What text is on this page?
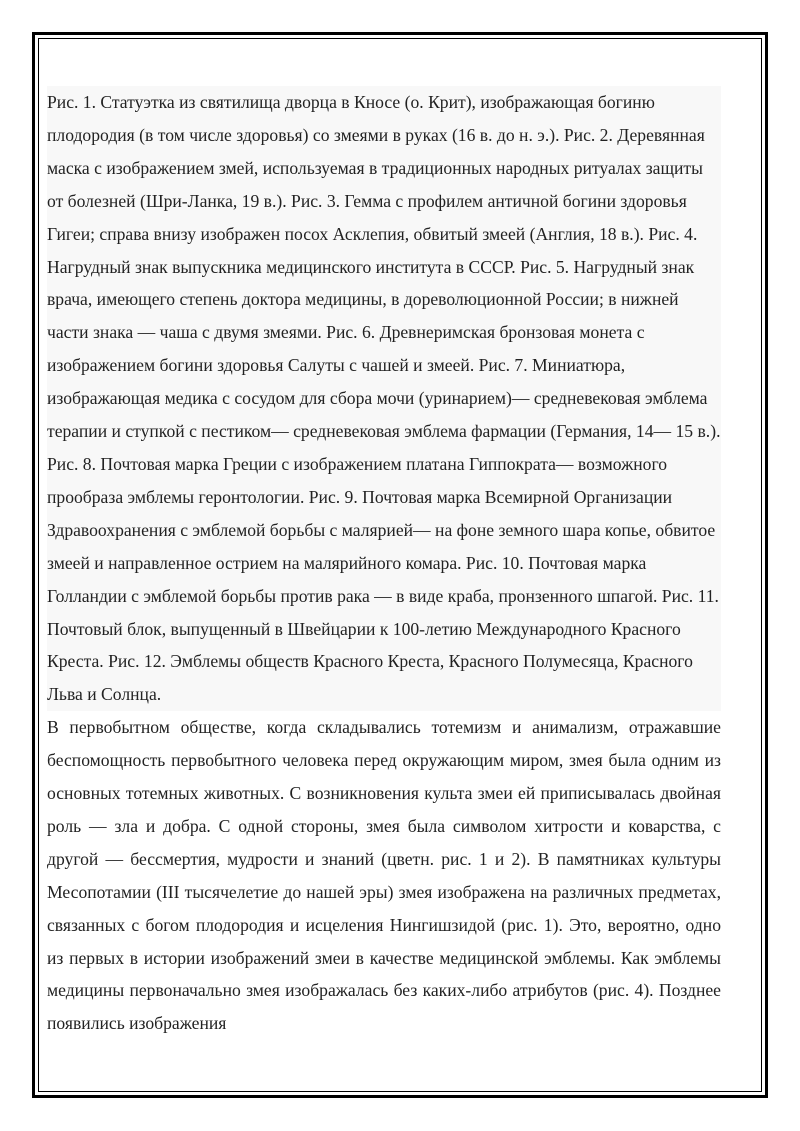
Рис. 1. Статуэтка из святилища дворца в Кносе (о. Крит), изображающая богиню плодородия (в том числе здоровья) со змеями в руках (16 в. до н. э.). Рис. 2. Деревянная маска с изображением змей, используемая в традиционных народных ритуалах защиты от болезней (Шри-Ланка, 19 в.). Рис. 3. Гемма с профилем античной богини здоровья Гигеи; справа внизу изображен посох Асклепия, обвитый змеей (Англия, 18 в.). Рис. 4. Нагрудный знак выпускника медицинского института в СССР. Рис. 5. Нагрудный знак врача, имеющего степень доктора медицины, в дореволюционной России; в нижней части знака — чаша с двумя змеями. Рис. 6. Древнеримская бронзовая монета с изображением богини здоровья Салуты с чашей и змеей. Рис. 7. Миниатюра, изображающая медика с сосудом для сбора мочи (уринарием)— средневековая эмблема терапии и ступкой с пестиком— средневековая эмблема фармации (Германия, 14— 15 в.). Рис. 8. Почтовая марка Греции с изображением платана Гиппократа— возможного прообраза эмблемы геронтологии. Рис. 9. Почтовая марка Всемирной Организации Здравоохранения с эмблемой борьбы с малярией— на фоне земного шара копье, обвитое змеей и направленное острием на малярийного комара. Рис. 10. Почтовая марка Голландии с эмблемой борьбы против рака — в виде краба, пронзенного шпагой. Рис. 11. Почтовый блок, выпущенный в Швейцарии к 100-летию Международного Красного Креста. Рис. 12. Эмблемы обществ Красного Креста, Красного Полумесяца, Красного Льва и Солнца.

В первобытном обществе, когда складывались тотемизм и анимализм, отражавшие беспомощность первобытного человека перед окружающим миром, змея была одним из основных тотемных животных. С возникновения культа змеи ей приписывалась двойная роль — зла и добра. С одной стороны, змея была символом хитрости и коварства, с другой — бессмертия, мудрости и знаний (цветн. рис. 1 и 2). В памятниках культуры Месопотамии (III тысячелетие до нашей эры) змея изображена на различных предметах, связанных с богом плодородия и исцеления Нингишзидой (рис. 1). Это, вероятно, одно из первых в истории изображений змеи в качестве медицинской эмблемы. Как эмблемы медицины первоначально змея изображалась без каких-либо атрибутов (рис. 4). Позднее появились изображения
